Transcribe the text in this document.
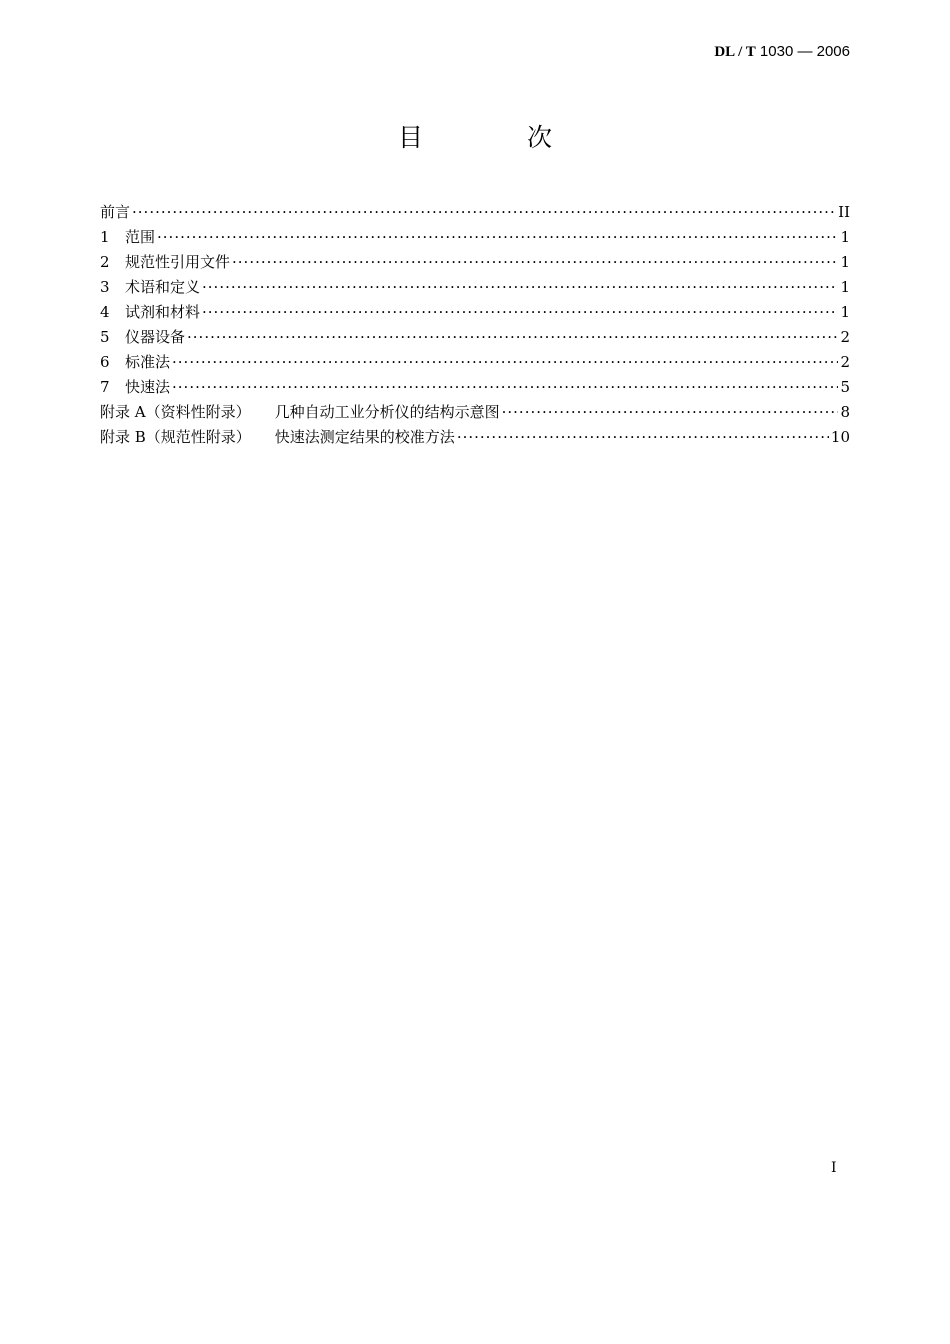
DL / T 1030 — 2006
目 次
前言 ·····	II
1	范围 ·····	1
2	规范性引用文件 ·····	1
3	术语和定义 ·····	1
4	试剂和材料 ·····	1
5	仪器设备 ·····	2
6	标准法 ·····	2
7	快速法 ·····	5
附录 A（资料性附录）	几种自动工业分析仪的结构示意图 ·····	8
附录 B（规范性附录）	快速法测定结果的校准方法 ·····	10
I
